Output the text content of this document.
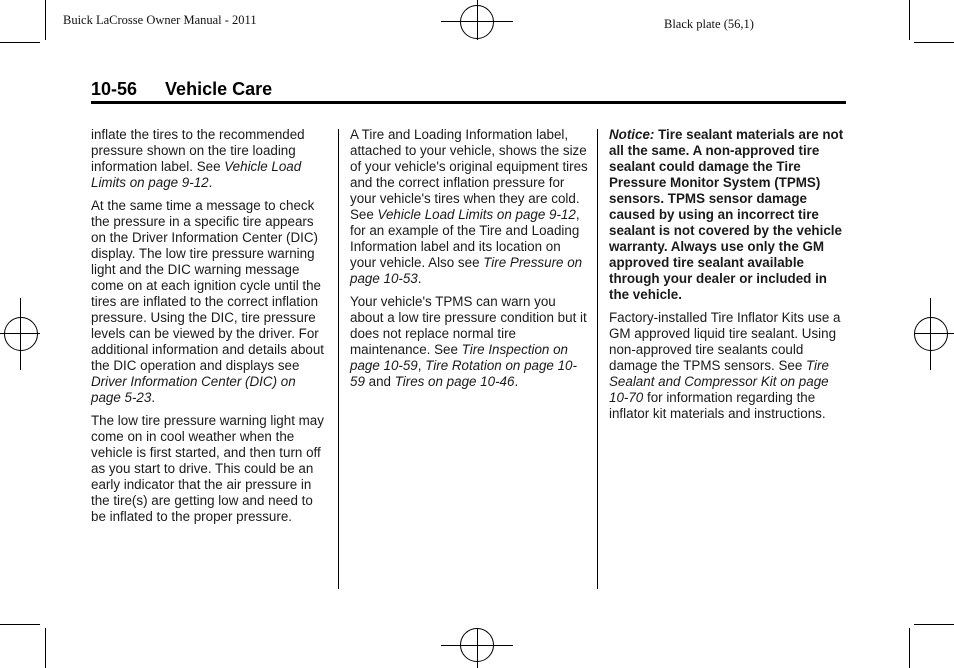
Buick LaCrosse Owner Manual - 2011	Black plate (56,1)
10-56 Vehicle Care

inflate the tires to the recommended pressure shown on the tire loading information label. See Vehicle Load Limits on page 9-12.

At the same time a message to check the pressure in a specific tire appears on the Driver Information Center (DIC) display. The low tire pressure warning light and the DIC warning message come on at each ignition cycle until the tires are inflated to the correct inflation pressure. Using the DIC, tire pressure levels can be viewed by the driver. For additional information and details about the DIC operation and displays see Driver Information Center (DIC) on page 5-23.

The low tire pressure warning light may come on in cool weather when the vehicle is first started, and then turn off as you start to drive. This could be an early indicator that the air pressure in the tire(s) are getting low and need to be inflated to the proper pressure.

A Tire and Loading Information label, attached to your vehicle, shows the size of your vehicle's original equipment tires and the correct inflation pressure for your vehicle's tires when they are cold. See Vehicle Load Limits on page 9-12, for an example of the Tire and Loading Information label and its location on your vehicle. Also see Tire Pressure on page 10-53.

Your vehicle's TPMS can warn you about a low tire pressure condition but it does not replace normal tire maintenance. See Tire Inspection on page 10-59, Tire Rotation on page 10-59 and Tires on page 10-46.

Notice: Tire sealant materials are not all the same. A non-approved tire sealant could damage the Tire Pressure Monitor System (TPMS) sensors. TPMS sensor damage caused by using an incorrect tire sealant is not covered by the vehicle warranty. Always use only the GM approved tire sealant available through your dealer or included in the vehicle.

Factory-installed Tire Inflator Kits use a GM approved liquid tire sealant. Using non-approved tire sealants could damage the TPMS sensors. See Tire Sealant and Compressor Kit on page 10-70 for information regarding the inflator kit materials and instructions.
